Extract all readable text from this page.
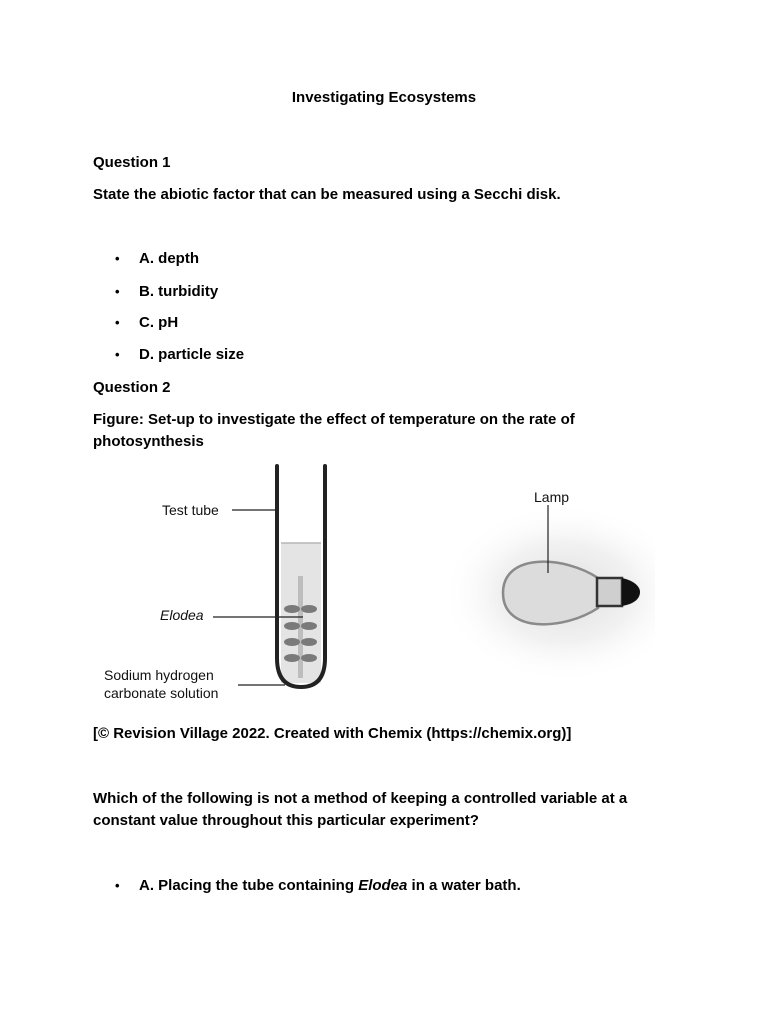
Investigating Ecosystems
Question 1
State the abiotic factor that can be measured using a Secchi disk.
• A. depth
• B. turbidity
• C. pH
• D. particle size
Question 2
Figure: Set-up to investigate the effect of temperature on the rate of
photosynthesis
Test tube
Elodea
Sodium hydrogen
carbonate solution
Lamp
[© Revision Village 2022. Created with Chemix (https://chemix.org)]
Which of the following is not a method of keeping a controlled variable at a
constant value throughout this particular experiment?
• A. Placing the tube containing Elodea in a water bath.
